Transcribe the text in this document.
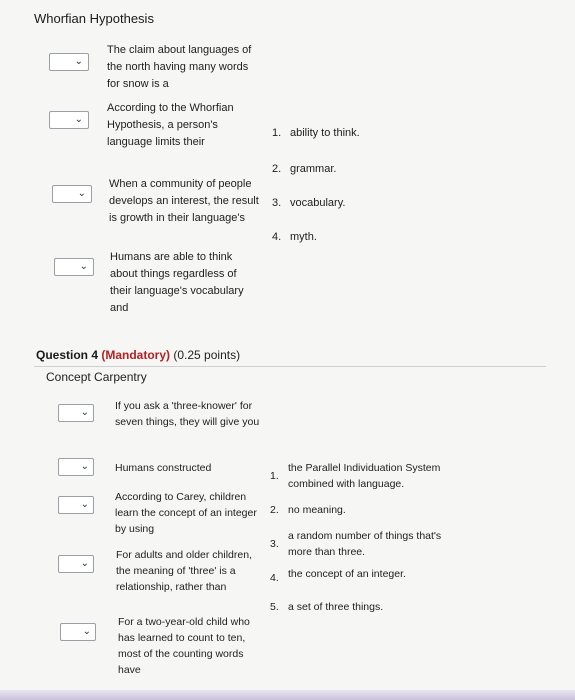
Whorfian Hypothesis
⌄
The claim about languages of the north having many words for snow is a
⌄
According to the Whorfian Hypothesis, a person's language limits their
⌄
When a community of people develops an interest, the result is growth in their language's
⌄
Humans are able to think about things regardless of their language's vocabulary and
1. ability to think.
2. grammar.
3. vocabulary.
4. myth.
Question 4 (Mandatory) (0.25 points)
Concept Carpentry
⌄
If you ask a 'three-knower' for seven things, they will give you
⌄ Humans constructed
⌄
According to Carey, children learn the concept of an integer by using
⌄
For adults and older children, the meaning of 'three' is a relationship, rather than
⌄
For a two-year-old child who has learned to count to ten, most of the counting words have
1.
the Parallel Individuation System combined with language.
2. no meaning.
3.
a random number of things that's more than three.
4. the concept of an integer.
5. a set of three things.
